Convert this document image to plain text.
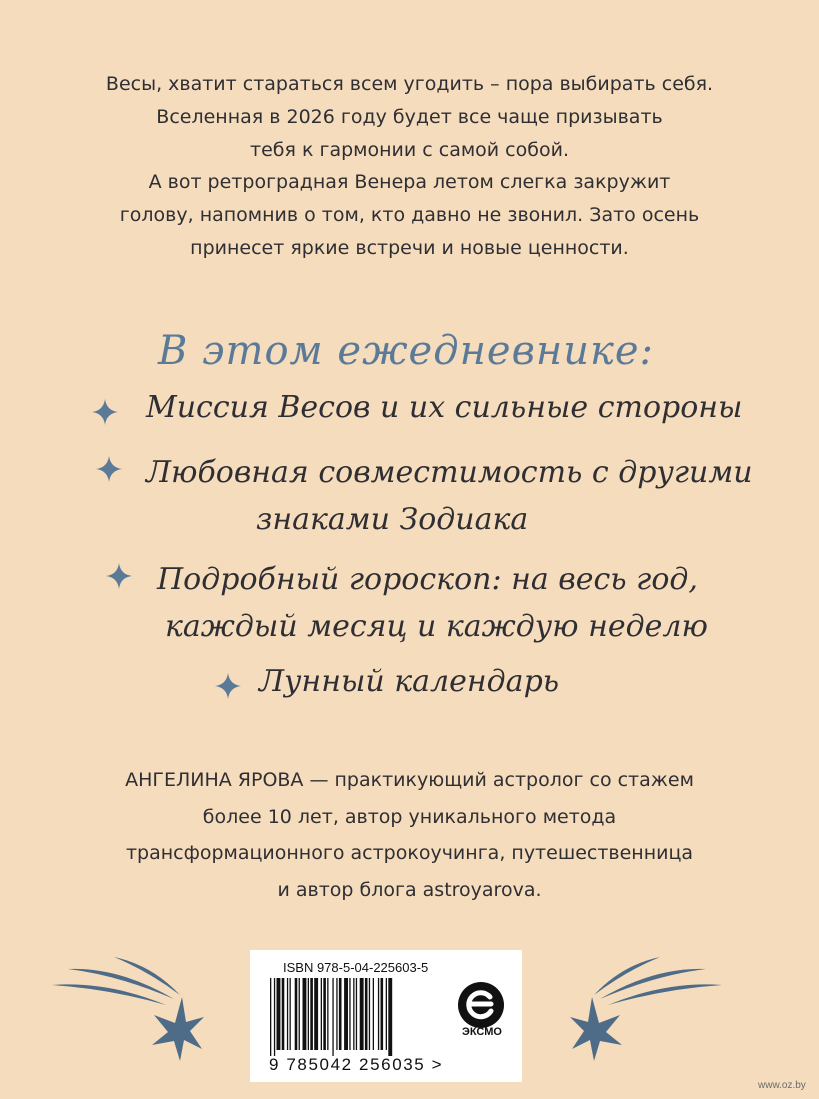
Весы, хватит стараться всем угодить – пора выбирать себя.
Вселенная в 2026 году будет все чаще призывать
тебя к гармонии с самой собой.
А вот ретроградная Венера летом слегка закружит
голову, напомнив о том, кто давно не звонил. Зато осень
принесет яркие встречи и новые ценности.
В этом ежедневнике:
Миссия Весов и их сильные стороны
Любовная совместимость с другими
знаками Зодиака
Подробный гороскоп: на весь год,
каждый месяц и каждую неделю
Лунный календарь
АНГЕЛИНА ЯРОВА — практикующий астролог со стажем
более 10 лет, автор уникального метода
трансформационного астрокоучинга, путешественница
и автор блога astroyarova.
ISBN 978-5-04-225603-5
9 785042 256035 >
ЭКСМО
www.oz.by
